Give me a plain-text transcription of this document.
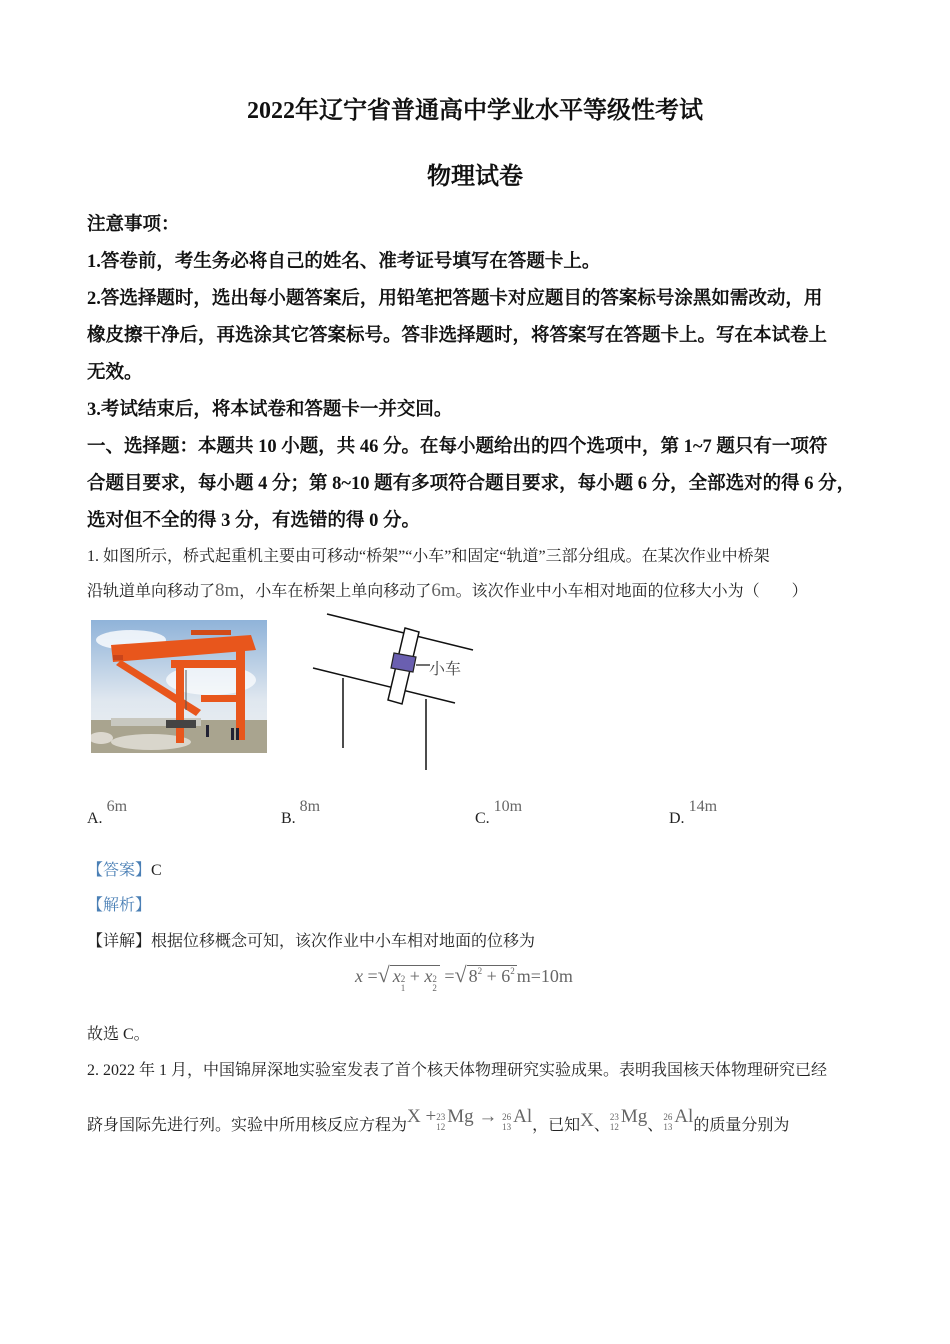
2022年辽宁省普通高中学业水平等级性考试
物理试卷
注意事项：
1.答卷前，考生务必将自己的姓名、准考证号填写在答题卡上。
2.答选择题时，选出每小题答案后，用铅笔把答题卡对应题目的答案标号涂黑如需改动，用
橡皮擦干净后，再选涂其它答案标号。答非选择题时，将答案写在答题卡上。写在本试卷上
无效。
3.考试结束后，将本试卷和答题卡一并交回。
一、选择题：本题共 10 小题，共 46 分。在每小题给出的四个选项中，第 1~7 题只有一项符
合题目要求，每小题 4 分；第 8~10 题有多项符合题目要求，每小题 6 分，全部选对的得 6 分，
选对但不全的得 3 分，有选错的得 0 分。
1. 如图所示，桥式起重机主要由可移动“桥架”“小车”和固定“轨道”三部分组成。在某次作业中桥架
沿轨道单向移动了8m，小车在桥架上单向移动了6m。该次作业中小车相对地面的位移大小为（　　）
小车
A.6m
B.8m
C.10m
D.14m
【答案】C
【解析】
【详解】根据位移概念可知，该次作业中小车相对地面的位移为
x =√ x 2
1
+ x 2
2
=√ $8^2 + 6^2$ m=10m
故选 C。
2. 2022 年 1 月，中国锦屏深地实验室发表了首个核天体物理研究实验成果。表明我国核天体物理研究已经
跻身国际先进行列。实验中所用核反应方程为X + 23
12 Mg → 26
13 Al，已知X、 23
12 Mg、 26
13 Al的质量分别为
